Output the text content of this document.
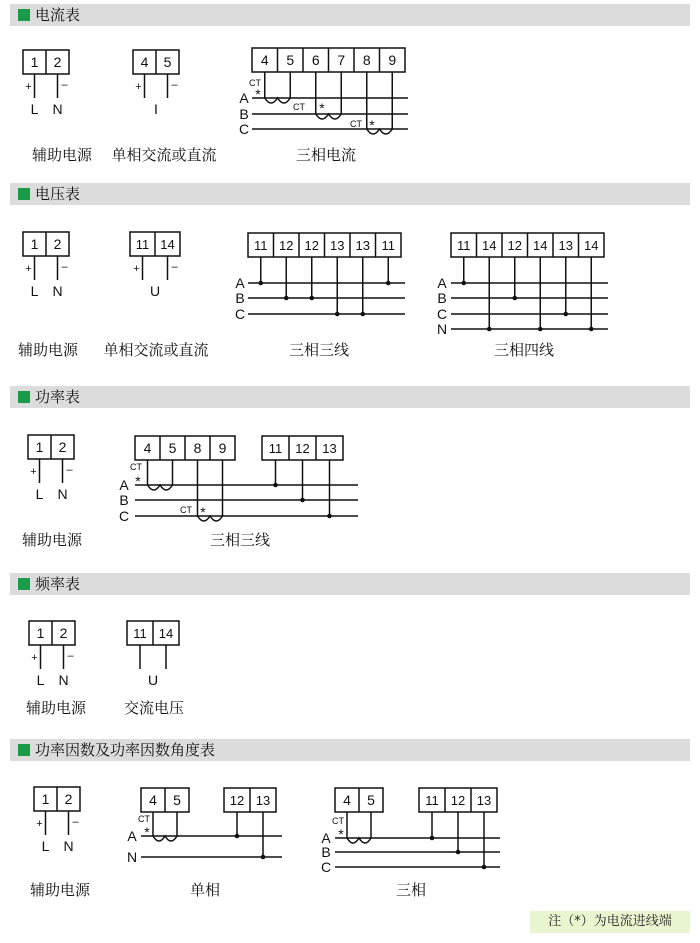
电流表
电压表
功率表
频率表
功率因数及功率因数角度表
1 2
+	–
L N
辅助电源
4 5
+	–
I
单相交流或直流
4 5 6 7 8 9
A
B
C
CT
*
CT *
CT *
三相电流
1 2
+	–
L N
辅助电源
11 14
+	–
U
单相交流或直流
11 12 12 13 13 11
A
B
C
三相三线
11 14 12 14 13 14
A
B
C
N
三相四线
1 2
+	–
L N
辅助电源
4 5 8 9	11 12 13
A
B
C
CT
*
CT *
三相三线
1 2
+	–
L N
辅助电源
11 14
U
交流电压
1 2
+	–
L N
辅助电源
4 5	12 13
A
N
CT
*
单相
4 5	11 12 13
A
B
C
CT
*
三相
注（*）为电流进线端
